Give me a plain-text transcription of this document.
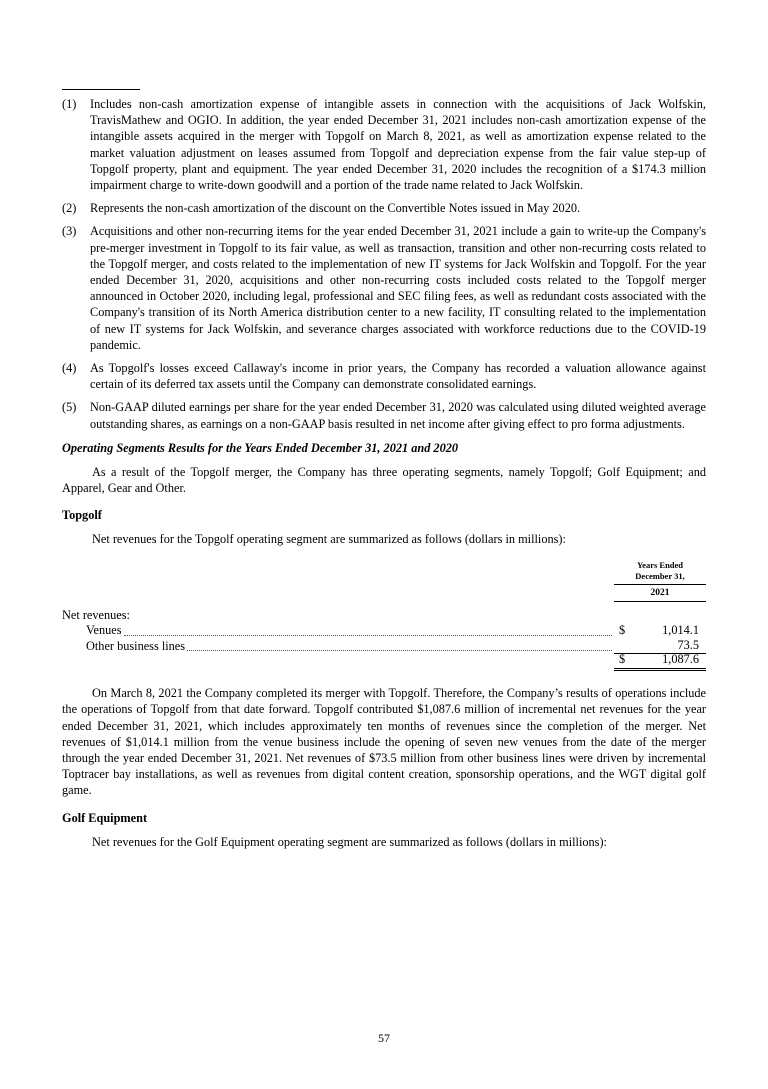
(1)	Includes non-cash amortization expense of intangible assets in connection with the acquisitions of Jack Wolfskin, TravisMathew and OGIO. In addition, the year ended December 31, 2021 includes non-cash amortization expense of the intangible assets acquired in the merger with Topgolf on March 8, 2021, as well as amortization expense related to the market valuation adjustment on leases assumed from Topgolf and depreciation expense from the fair value step-up of Topgolf property, plant and equipment. The year ended December 31, 2020 includes the recognition of a $174.3 million impairment charge to write-down goodwill and a portion of the trade name related to Jack Wolfskin.
(2)	Represents the non-cash amortization of the discount on the Convertible Notes issued in May 2020.
(3)	Acquisitions and other non-recurring items for the year ended December 31, 2021 include a gain to write-up the Company's pre-merger investment in Topgolf to its fair value, as well as transaction, transition and other non-recurring costs related to the Topgolf merger, and costs related to the implementation of new IT systems for Jack Wolfskin and Topgolf. For the year ended December 31, 2020, acquisitions and other non-recurring costs included costs related to the Topgolf merger announced in October 2020, including legal, professional and SEC filing fees, as well as redundant costs associated with the Company's transition of its North America distribution center to a new facility, IT consulting related to the implementation of new IT systems for Jack Wolfskin, and severance charges associated with workforce reductions due to the COVID-19 pandemic.
(4)	As Topgolf's losses exceed Callaway's income in prior years, the Company has recorded a valuation allowance against certain of its deferred tax assets until the Company can demonstrate consolidated earnings.
(5)	Non-GAAP diluted earnings per share for the year ended December 31, 2020 was calculated using diluted weighted average outstanding shares, as earnings on a non-GAAP basis resulted in net income after giving effect to pro forma adjustments.
Operating Segments Results for the Years Ended December 31, 2021 and 2020

As a result of the Topgolf merger, the Company has three operating segments, namely Topgolf; Golf Equipment; and Apparel, Gear and Other.

Topgolf

Net revenues for the Topgolf operating segment are summarized as follows (dollars in millions):

Years Ended
December 31,
2021
Net revenues:
Venues	$	1,014.1
Other business lines	73.5
$	1,087.6

On March 8, 2021 the Company completed its merger with Topgolf. Therefore, the Company’s results of operations include the operations of Topgolf from that date forward. Topgolf contributed $1,087.6 million of incremental net revenues for the year ended December 31, 2021, which includes approximately ten months of revenues since the completion of the merger. Net revenues of $1,014.1 million from the venue business include the opening of seven new venues from the date of the merger through the year ended December 31, 2021. Net revenues of $73.5 million from other business lines were driven by incremental Toptracer bay installations, as well as revenues from digital content creation, sponsorship operations, and the WGT digital golf game.

Golf Equipment

Net revenues for the Golf Equipment operating segment are summarized as follows (dollars in millions):

57
